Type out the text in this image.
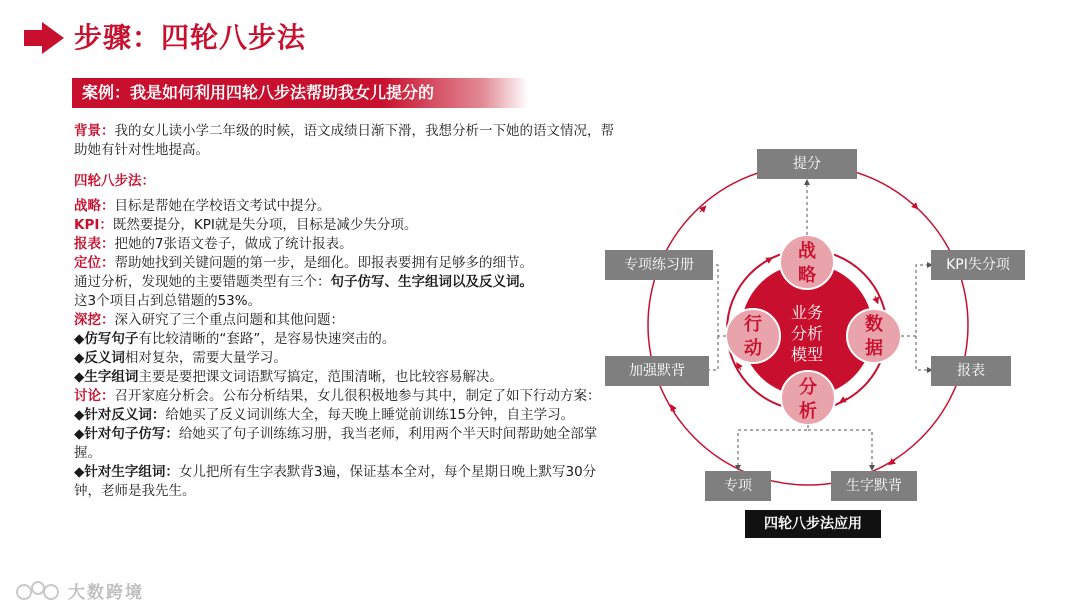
步骤：四轮八步法
案例：我是如何利用四轮八步法帮助我女儿提分的

背景：我的女儿读小学二年级的时候，语文成绩日渐下滑，我想分析一下她的语文情况，帮助她有针对性地提高。

四轮八步法：

战略：目标是帮她在学校语文考试中提分。

KPI：既然要提分，KPI就是失分项，目标是减少失分项。

报表：把她的7张语文卷子，做成了统计报表。

定位：帮助她找到关键问题的第一步，是细化。即报表要拥有足够多的细节。

通过分析，发现她的主要错题类型有三个：句子仿写、生字组词以及反义词。

这3个项目占到总错题的53%。

深挖：深入研究了三个重点问题和其他问题：

◆仿写句子有比较清晰的“套路”，是容易快速突击的。

◆反义词相对复杂，需要大量学习。

◆生字组词主要是要把课文词语默写搞定，范围清晰，也比较容易解决。

讨论：召开家庭分析会。公布分析结果，女儿很积极地参与其中，制定了如下行动方案：

◆针对反义词：给她买了反义词训练大全，每天晚上睡觉前训练15分钟，自主学习。

◆针对句子仿写：给她买了句子训练练习册，我当老师，利用两个半天时间帮助她全部掌握。

◆针对生字组词：女儿把所有生字表默背3遍，保证基本全对，每个星期日晚上默写30分钟，老师是我先生。

提分
KPI失分项
报表
生字默背
专项
加强默背
专项练习册
业务
分析
模型
战
略
数
据
分
析
行
动
四轮八步法应用
大数跨境
